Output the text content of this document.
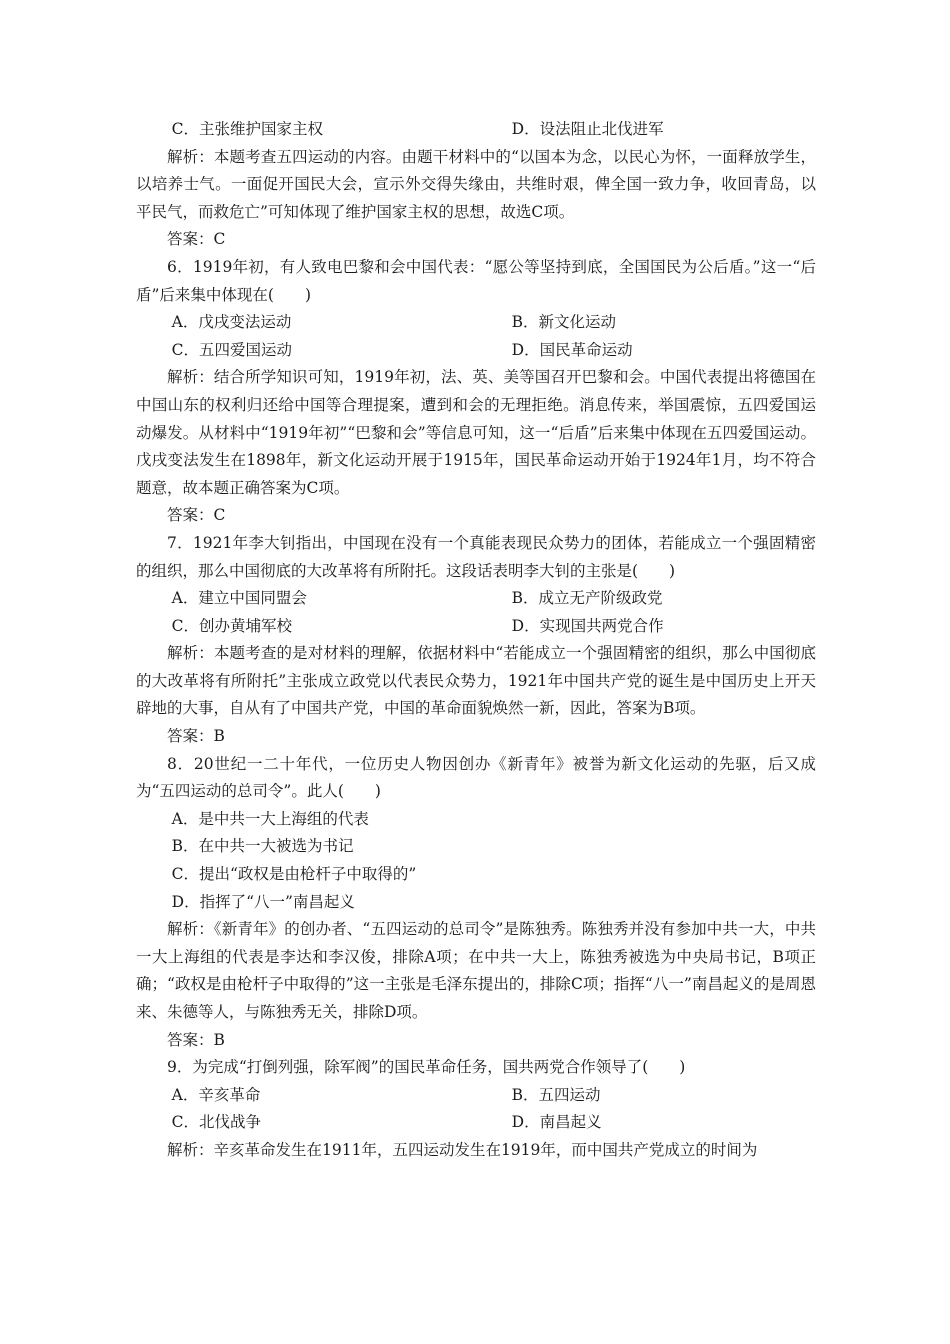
C．主张维护国家主权	D．设法阻止北伐进军

解析：本题考查五四运动的内容。由题干材料中的“以国本为念，以民心为怀，一面释放学生，以培养士气。一面促开国民大会，宣示外交得失缘由，共维时艰，俾全国一致力争，收回青岛，以平民气，而救危亡”可知体现了维护国家主权的思想，故选C项。

答案：C

6．1919年初，有人致电巴黎和会中国代表：“愿公等坚持到底，全国国民为公后盾。”这一“后盾”后来集中体现在(　　)

A．戊戌变法运动	B．新文化运动
C．五四爱国运动	D．国民革命运动

解析：结合所学知识可知，1919年初，法、英、美等国召开巴黎和会。中国代表提出将德国在中国山东的权利归还给中国等合理提案，遭到和会的无理拒绝。消息传来，举国震惊，五四爱国运动爆发。从材料中“1919年初”“巴黎和会”等信息可知，这一“后盾”后来集中体现在五四爱国运动。戊戌变法发生在1898年，新文化运动开展于1915年，国民革命运动开始于1924年1月，均不符合题意，故本题正确答案为C项。

答案：C

7．1921年李大钊指出，中国现在没有一个真能表现民众势力的团体，若能成立一个强固精密的组织，那么中国彻底的大改革将有所附托。这段话表明李大钊的主张是(　　)

A．建立中国同盟会	B．成立无产阶级政党
C．创办黄埔军校	D．实现国共两党合作

解析：本题考查的是对材料的理解，依据材料中“若能成立一个强固精密的组织，那么中国彻底的大改革将有所附托”主张成立政党以代表民众势力，1921年中国共产党的诞生是中国历史上开天辟地的大事，自从有了中国共产党，中国的革命面貌焕然一新，因此，答案为B项。

答案：B

8．20世纪一二十年代，一位历史人物因创办《新青年》被誉为新文化运动的先驱，后又成为“五四运动的总司令”。此人(　　)

A．是中共一大上海组的代表
B．在中共一大被选为书记
C．提出“政权是由枪杆子中取得的”
D．指挥了“八一”南昌起义

解析：《新青年》的创办者、“五四运动的总司令”是陈独秀。陈独秀并没有参加中共一大，中共一大上海组的代表是李达和李汉俊，排除A项；在中共一大上，陈独秀被选为中央局书记，B项正确；“政权是由枪杆子中取得的”这一主张是毛泽东提出的，排除C项；指挥“八一”南昌起义的是周恩来、朱德等人，与陈独秀无关，排除D项。

答案：B

9．为完成“打倒列强，除军阀”的国民革命任务，国共两党合作领导了(　　)

A．辛亥革命	B．五四运动
C．北伐战争	D．南昌起义

解析：辛亥革命发生在1911年，五四运动发生在1919年，而中国共产党成立的时间为
